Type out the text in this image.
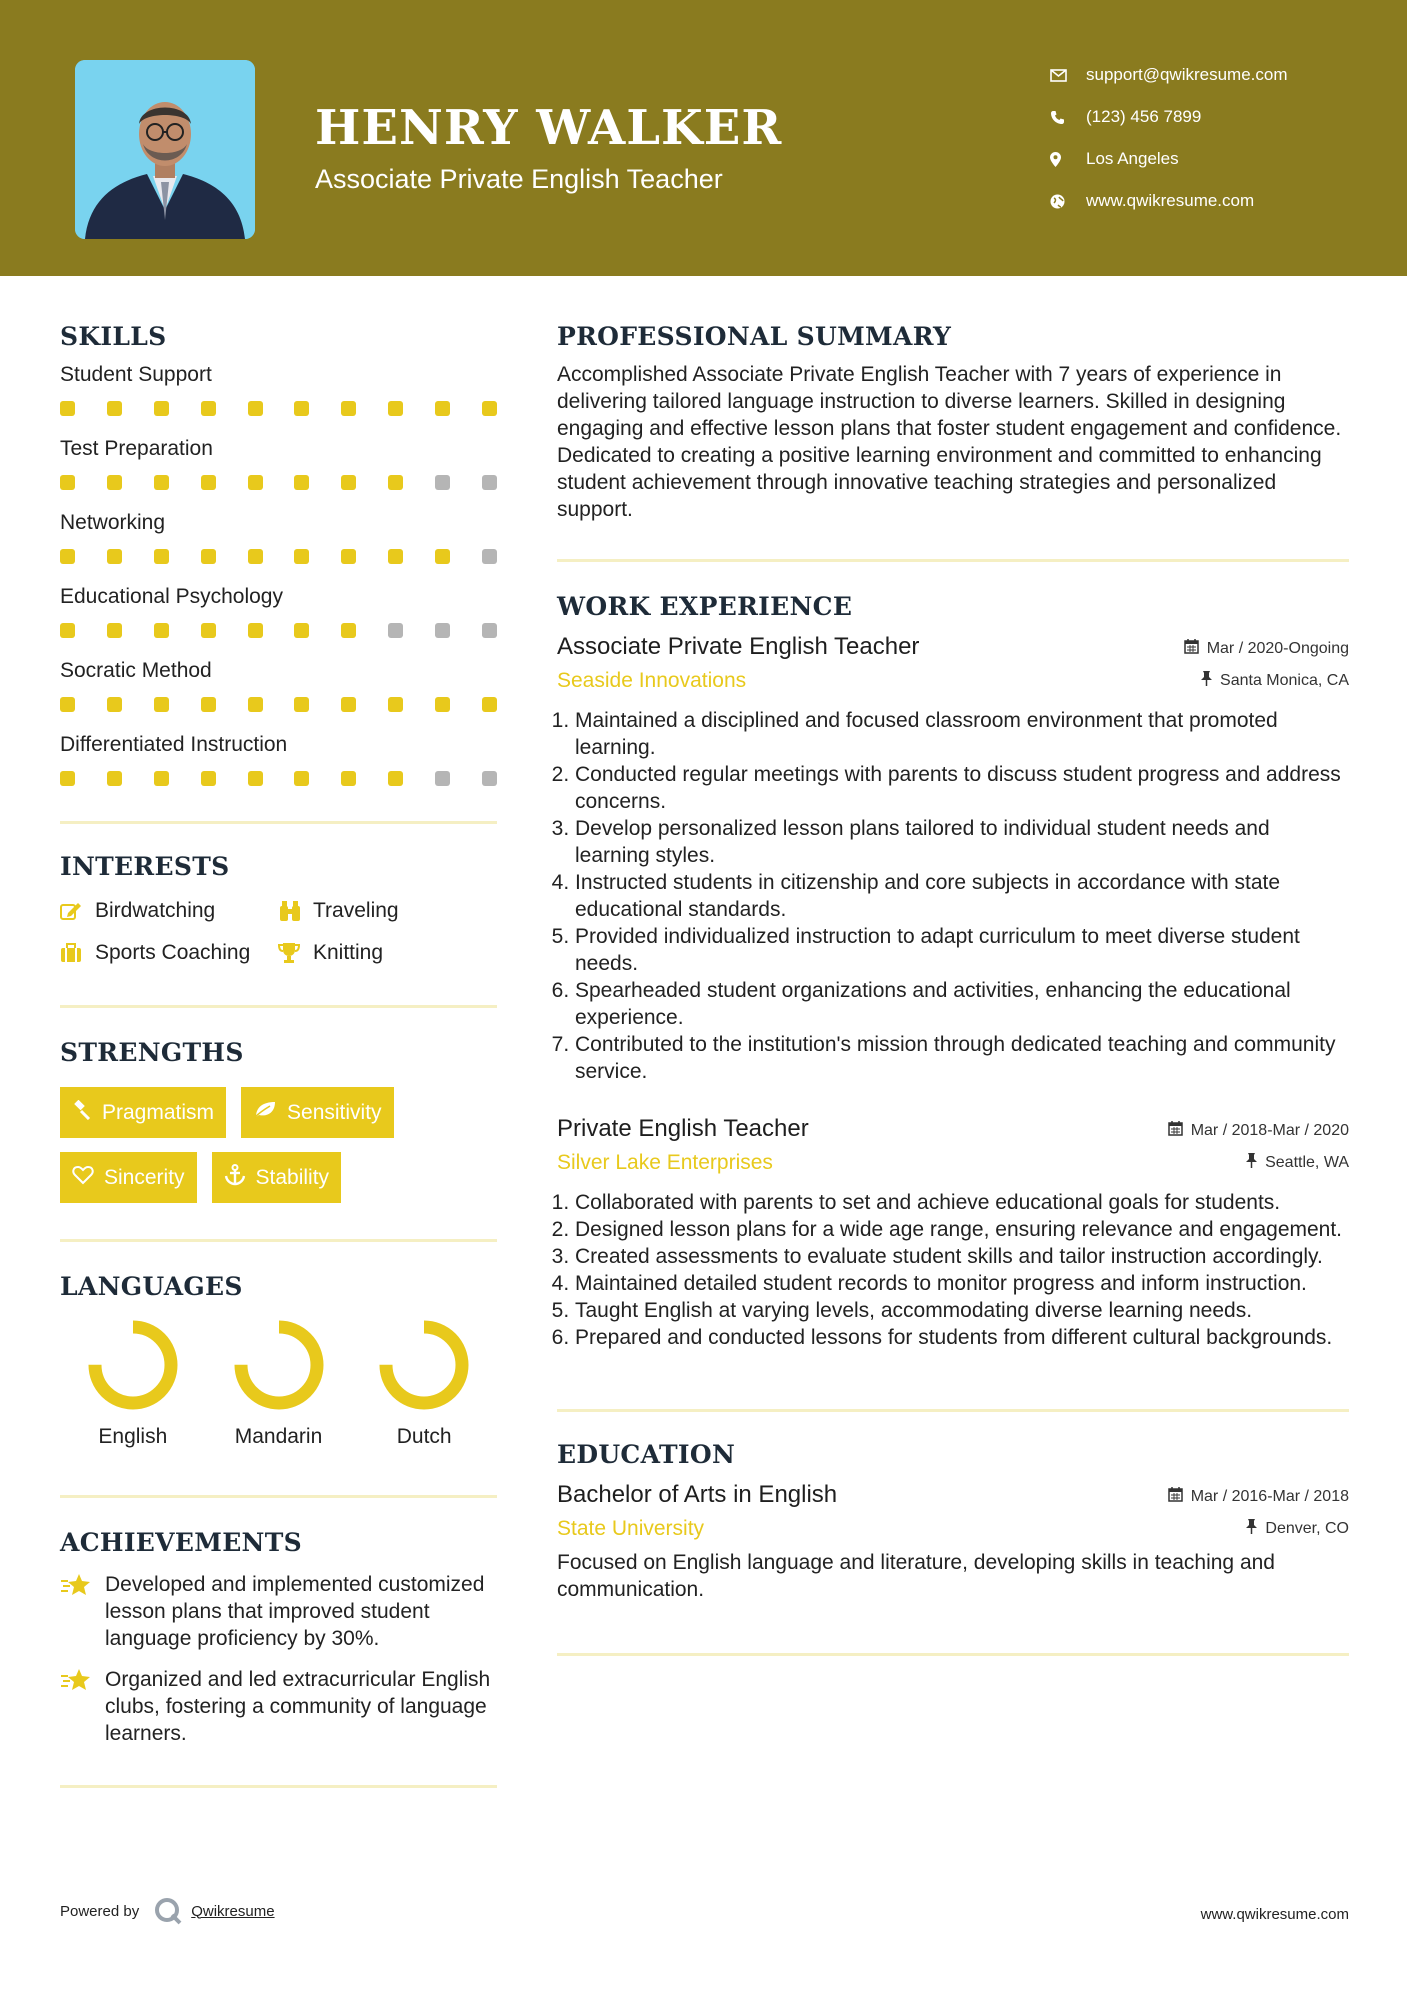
HENRY WALKER
Associate Private English Teacher
support@qwikresume.com
(123) 456 7899
Los Angeles
www.qwikresume.com
SKILLS
Student Support
Test Preparation
Networking
Educational Psychology
Socratic Method
Differentiated Instruction
INTERESTS
Birdwatching	Traveling
Sports Coaching	Knitting
STRENGTHS
Pragmatism	Sensitivity
Sincerity	Stability
LANGUAGES
English	Mandarin	Dutch
ACHIEVEMENTS
Developed and implemented customized lesson plans that improved student language proficiency by 30%.
Organized and led extracurricular English clubs, fostering a community of language learners.
PROFESSIONAL SUMMARY
Accomplished Associate Private English Teacher with 7 years of experience in delivering tailored language instruction to diverse learners. Skilled in designing engaging and effective lesson plans that foster student engagement and confidence. Dedicated to creating a positive learning environment and committed to enhancing student achievement through innovative teaching strategies and personalized support.
WORK EXPERIENCE
Associate Private English Teacher	Mar / 2020-Ongoing
Seaside Innovations	Santa Monica, CA
1. Maintained a disciplined and focused classroom environment that promoted learning.
2. Conducted regular meetings with parents to discuss student progress and address concerns.
3. Develop personalized lesson plans tailored to individual student needs and learning styles.
4. Instructed students in citizenship and core subjects in accordance with state educational standards.
5. Provided individualized instruction to adapt curriculum to meet diverse student needs.
6. Spearheaded student organizations and activities, enhancing the educational experience.
7. Contributed to the institution's mission through dedicated teaching and community service.
Private English Teacher	Mar / 2018-Mar / 2020
Silver Lake Enterprises	Seattle, WA
1. Collaborated with parents to set and achieve educational goals for students.
2. Designed lesson plans for a wide age range, ensuring relevance and engagement.
3. Created assessments to evaluate student skills and tailor instruction accordingly.
4. Maintained detailed student records to monitor progress and inform instruction.
5. Taught English at varying levels, accommodating diverse learning needs.
6. Prepared and conducted lessons for students from different cultural backgrounds.
EDUCATION
Bachelor of Arts in English	Mar / 2016-Mar / 2018
State University	Denver, CO
Focused on English language and literature, developing skills in teaching and communication.
Powered by	Qwikresume	www.qwikresume.com
